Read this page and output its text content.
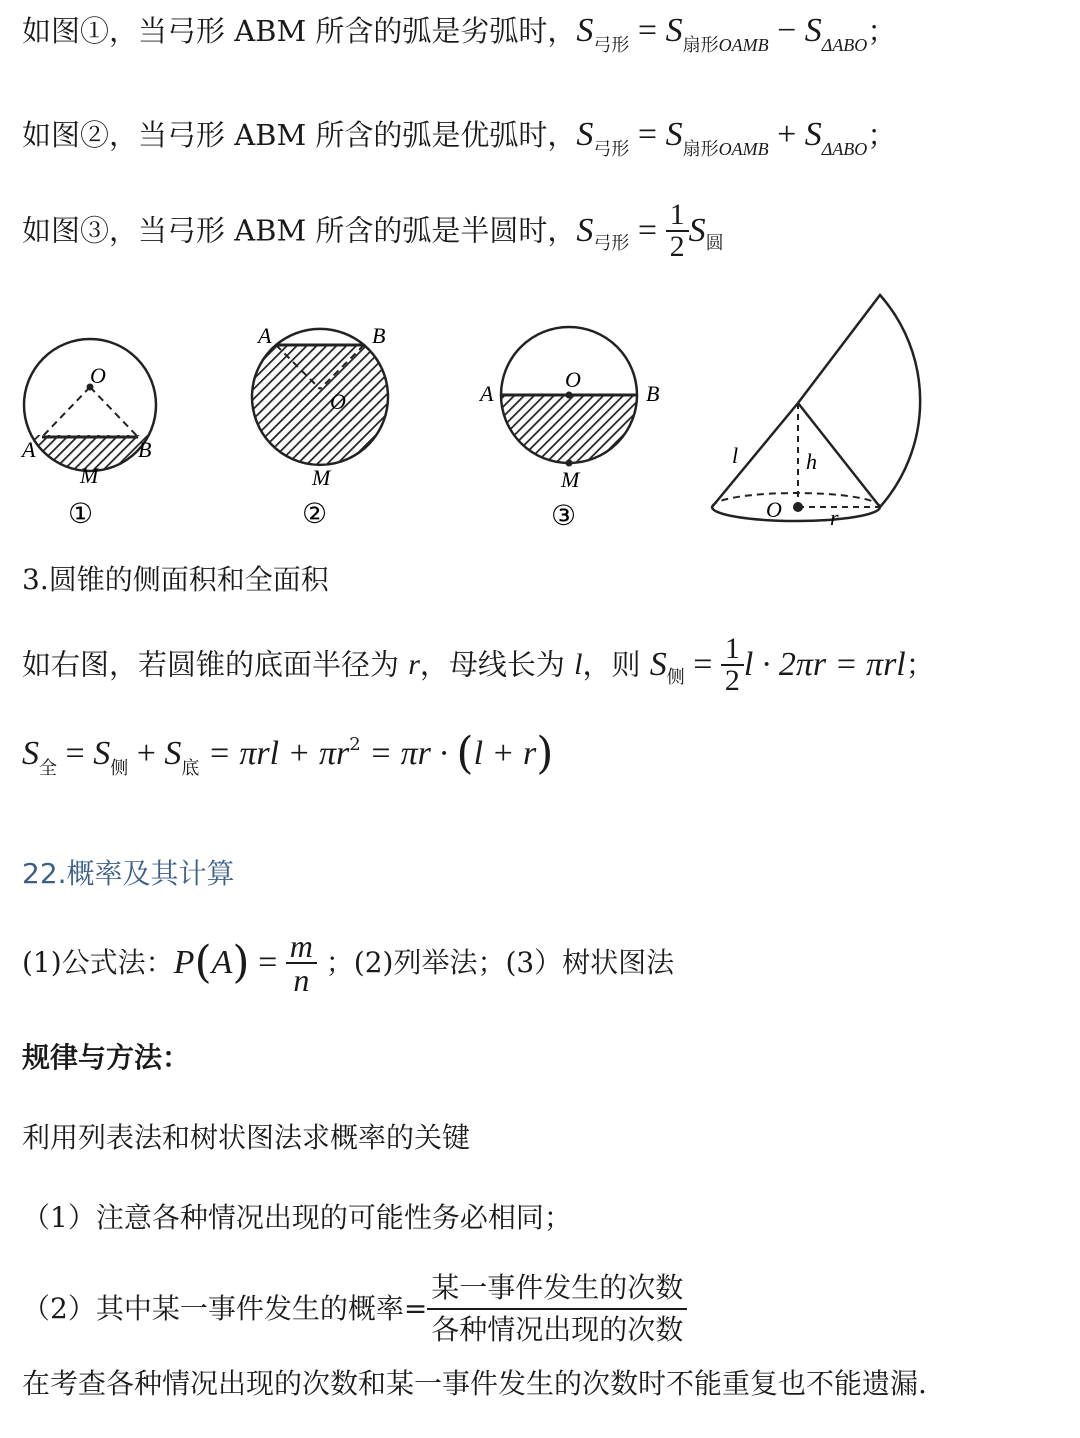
如图①，当弓形 ABM 所含的弧是劣弧时，$S_{弓形} = S_{扇形OAMB} - S_{\Delta ABO}$；
如图②，当弓形 ABM 所含的弧是优弧时，$S_{弓形} = S_{扇形OAMB} + S_{\Delta ABO}$；
如图③，当弓形 ABM 所含的弧是半圆时，$S_{弓形} = \frac{1}{2} S_圆$
O
A	B
M
①
O
A	B
M
②
O
A	B
M
③
l	h
O r
3.圆锥的侧面积和全面积
如右图，若圆锥的底面半径为 r，母线长为 l，则 $S_侧 = \frac{1}{2}$ l · 2πr = πrl；
$S_全 = S_侧 + S_底 = \pi rl + \pi r^2 = \pi r \cdot (l + r)$
22.概率及其计算
(1)公式法：$P(A) = \frac{m}{n}$ ；(2)列举法；(3）树状图法
规律与方法：
利用列表法和树状图法求概率的关键
（1）注意各种情况出现的可能性务必相同；
（2）其中某一事件发生的概率= $\frac{\text{某一事件发生的次数}}{\text{各种情况出现的次数}}$
在考查各种情况出现的次数和某一事件发生的次数时不能重复也不能遗漏.
